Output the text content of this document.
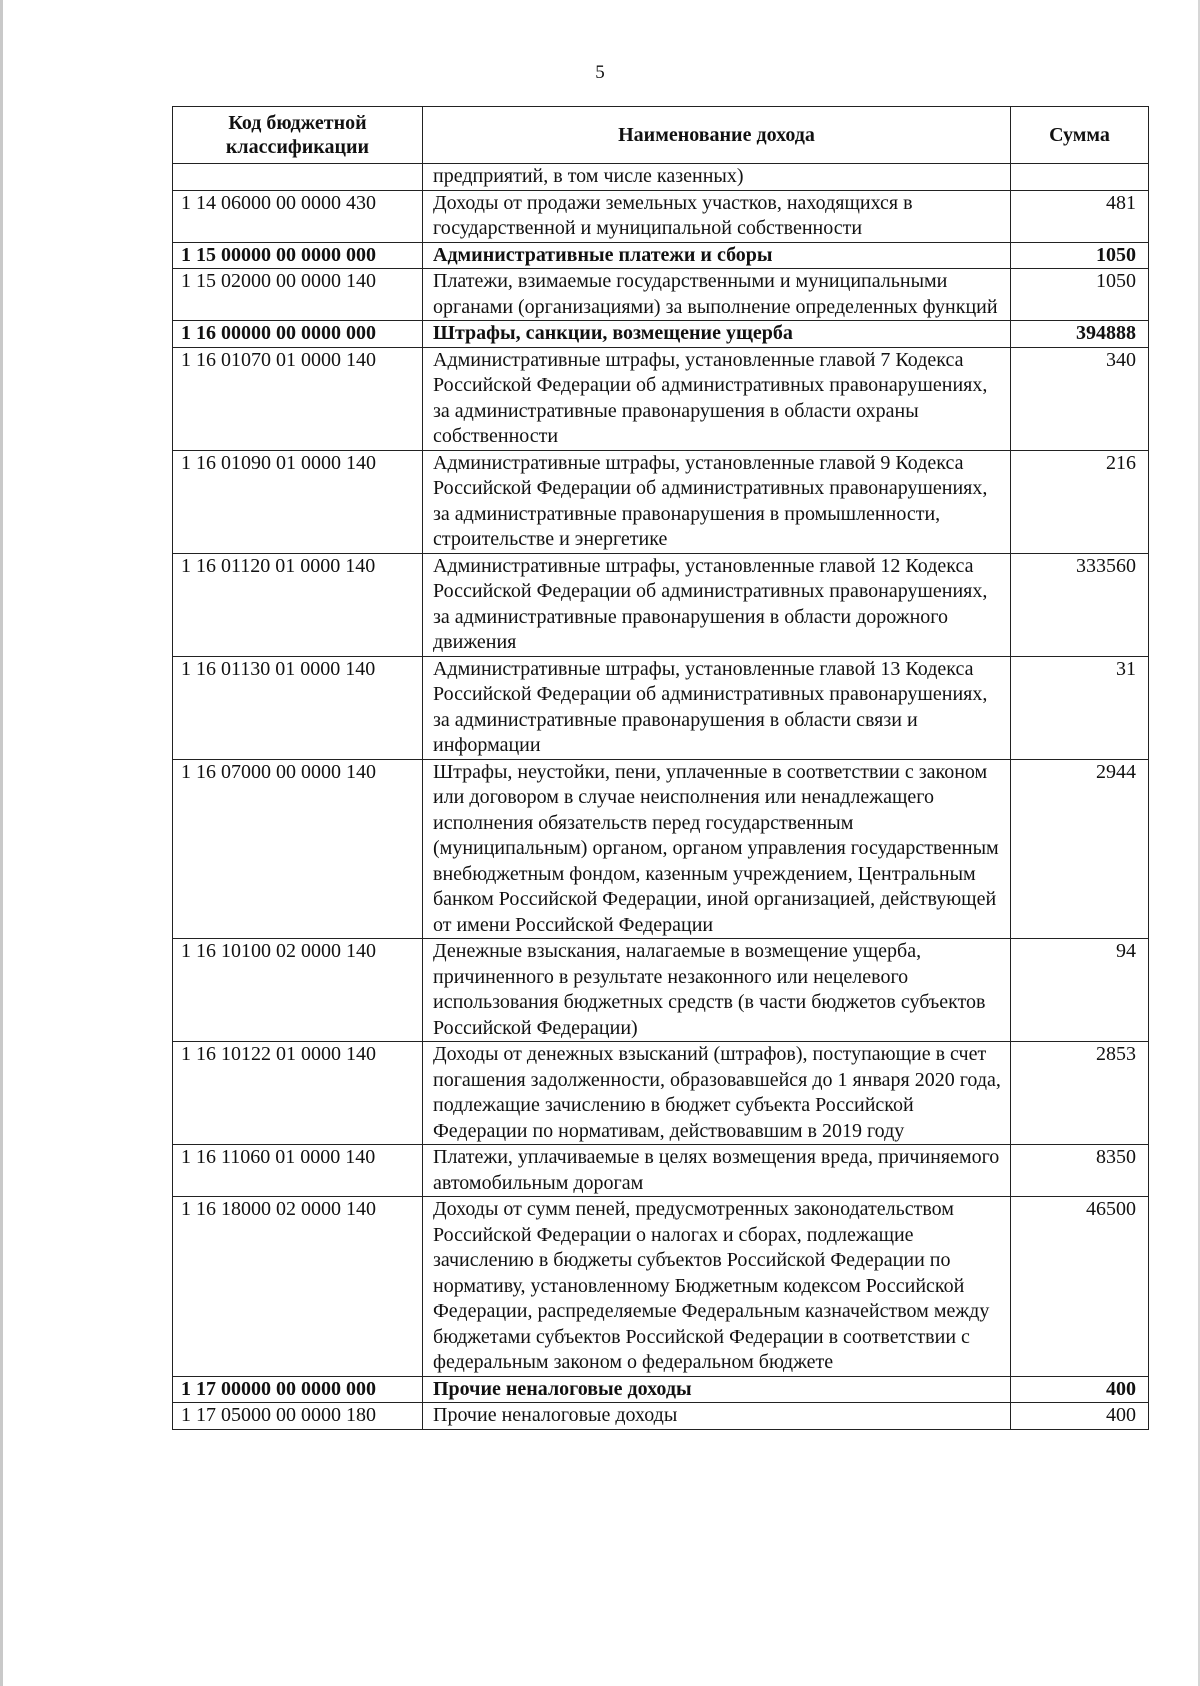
5
Код бюджетной классификации	Наименование дохода	Сумма
	предприятий, в том числе казенных)	
1 14 06000 00 0000 430	Доходы от продажи земельных участков, находящихся в государственной и муниципальной собственности	481
1 15 00000 00 0000 000	Административные платежи и сборы	1050
1 15 02000 00 0000 140	Платежи, взимаемые государственными и муниципальными органами (организациями) за выполнение определенных функций	1050
1 16 00000 00 0000 000	Штрафы, санкции, возмещение ущерба	394888
1 16 01070 01 0000 140	Административные штрафы, установленные главой 7 Кодекса Российской Федерации об административных правонарушениях, за административные правонарушения в области охраны собственности	340
1 16 01090 01 0000 140	Административные штрафы, установленные главой 9 Кодекса Российской Федерации об административных правонарушениях, за административные правонарушения в промышленности, строительстве и энергетике	216
1 16 01120 01 0000 140	Административные штрафы, установленные главой 12 Кодекса Российской Федерации об административных правонарушениях, за административные правонарушения в области дорожного движения	333560
1 16 01130 01 0000 140	Административные штрафы, установленные главой 13 Кодекса Российской Федерации об административных правонарушениях, за административные правонарушения в области связи и информации	31
1 16 07000 00 0000 140	Штрафы, неустойки, пени, уплаченные в соответствии с законом или договором в случае неисполнения или ненадлежащего исполнения обязательств перед государственным (муниципальным) органом, органом управления государственным внебюджетным фондом, казенным учреждением, Центральным банком Российской Федерации, иной организацией, действующей от имени Российской Федерации	2944
1 16 10100 02 0000 140	Денежные взыскания, налагаемые в возмещение ущерба, причиненного в результате незаконного или нецелевого использования бюджетных средств (в части бюджетов субъектов Российской Федерации)	94
1 16 10122 01 0000 140	Доходы от денежных взысканий (штрафов), поступающие в счет погашения задолженности, образовавшейся до 1 января 2020 года, подлежащие зачислению в бюджет субъекта Российской Федерации по нормативам, действовавшим в 2019 году	2853
1 16 11060 01 0000 140	Платежи, уплачиваемые в целях возмещения вреда, причиняемого автомобильным дорогам	8350
1 16 18000 02 0000 140	Доходы от сумм пеней, предусмотренных законодательством Российской Федерации о налогах и сборах, подлежащие зачислению в бюджеты субъектов Российской Федерации по нормативу, установленному Бюджетным кодексом Российской Федерации, распределяемые Федеральным казначейством между бюджетами субъектов Российской Федерации в соответствии с федеральным законом о федеральном бюджете	46500
1 17 00000 00 0000 000	Прочие неналоговые доходы	400
1 17 05000 00 0000 180	Прочие неналоговые доходы	400
